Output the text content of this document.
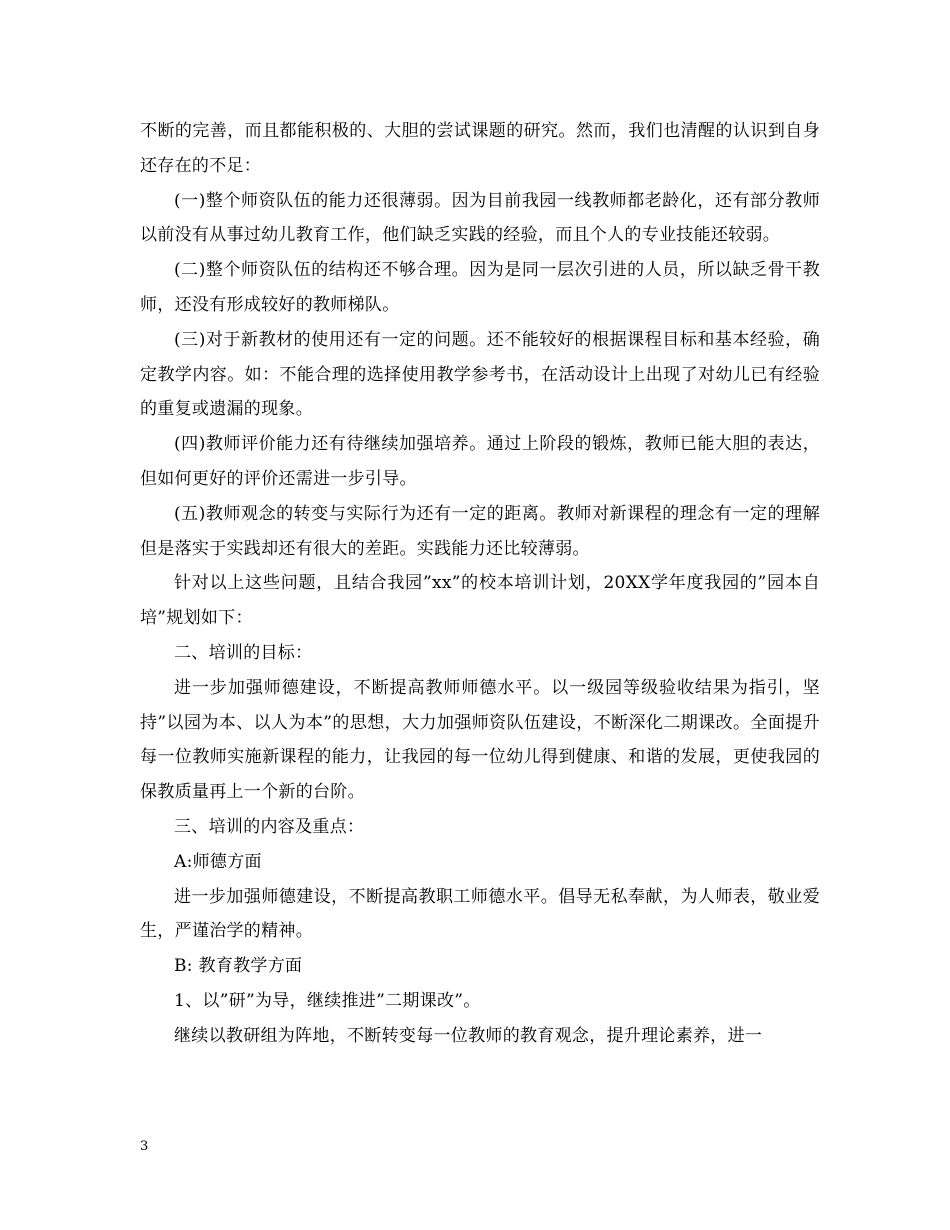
不断的完善，而且都能积极的、大胆的尝试课题的研究。然而，我们也清醒的认识到自身还存在的不足：

(一)整个师资队伍的能力还很薄弱。因为目前我园一线教师都老龄化，还有部分教师以前没有从事过幼儿教育工作，他们缺乏实践的经验，而且个人的专业技能还较弱。

(二)整个师资队伍的结构还不够合理。因为是同一层次引进的人员，所以缺乏骨干教师，还没有形成较好的教师梯队。

(三)对于新教材的使用还有一定的问题。还不能较好的根据课程目标和基本经验，确定教学内容。如：不能合理的选择使用教学参考书，在活动设计上出现了对幼儿已有经验的重复或遗漏的现象。

(四)教师评价能力还有待继续加强培养。通过上阶段的锻炼，教师已能大胆的表达，但如何更好的评价还需进一步引导。

(五)教师观念的转变与实际行为还有一定的距离。教师对新课程的理念有一定的理解但是落实于实践却还有很大的差距。实践能力还比较薄弱。

针对以上这些问题，且结合我园”xx”的校本培训计划，20XX学年度我园的”园本自培”规划如下：

二、培训的目标：

进一步加强师德建设，不断提高教师师德水平。以一级园等级验收结果为指引，坚持”以园为本、以人为本”的思想，大力加强师资队伍建设，不断深化二期课改。全面提升每一位教师实施新课程的能力，让我园的每一位幼儿得到健康、和谐的发展，更使我园的保教质量再上一个新的台阶。

三、培训的内容及重点：

A:师德方面

进一步加强师德建设，不断提高教职工师德水平。倡导无私奉献，为人师表，敬业爱生，严谨治学的精神。

B: 教育教学方面

1、以”研”为导，继续推进”二期课改”。

继续以教研组为阵地，不断转变每一位教师的教育观念，提升理论素养，进一

3
